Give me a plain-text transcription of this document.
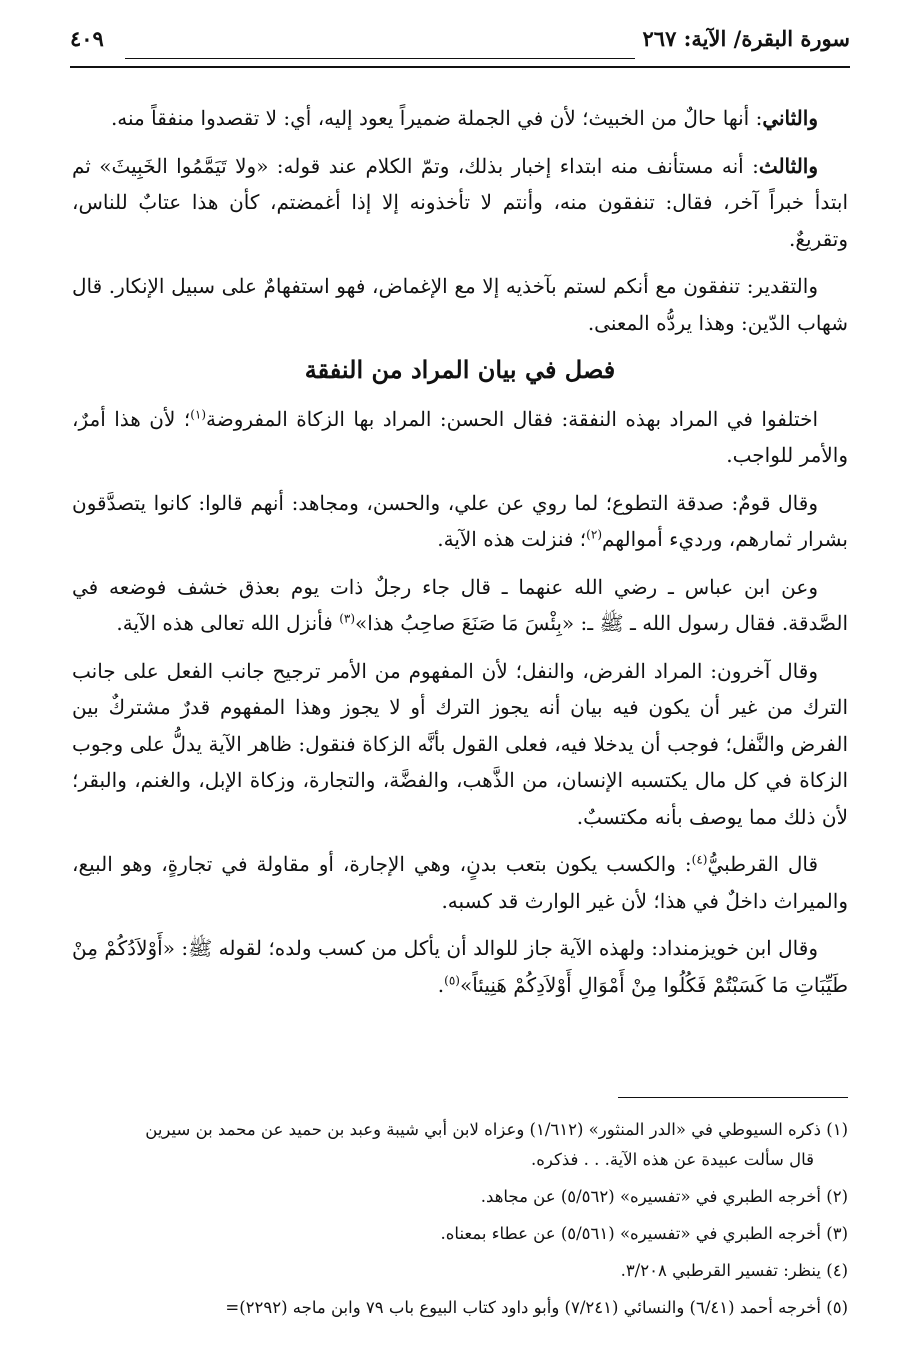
سورة البقرة/ الآية: ٢٦٧
٤٠٩

والثاني: أنها حالٌ من الخبيث؛ لأن في الجملة ضميراً يعود إليه، أي: لا تقصدوا منفقاً منه.

والثالث: أنه مستأنف منه ابتداء إخبار بذلك، وتمّ الكلام عند قوله: «ولا تَيَمَّمُوا الخَبِيثَ» ثم ابتدأ خبراً آخر، فقال: تنفقون منه، وأنتم لا تأخذونه إلا إذا أغمضتم، كأن هذا عتابٌ للناس، وتقريعٌ.

والتقدير: تنفقون مع أنكم لستم بآخذيه إلا مع الإغماض، فهو استفهامٌ على سبيل الإنكار. قال شهاب الدّين: وهذا يردُّه المعنى.

فصل في بيان المراد من النفقة

اختلفوا في المراد بهذه النفقة: فقال الحسن: المراد بها الزكاة المفروضة$^{(١)}$؛ لأن هذا أمرٌ، والأمر للواجب.

وقال قومٌ: صدقة التطوع؛ لما روي عن علي، والحسن، ومجاهد: أنهم قالوا: كانوا يتصدَّقون بشرار ثمارهم، ورديء أموالهم$^{(٢)}$؛ فنزلت هذه الآية.

وعن ابن عباس ـ رضي الله عنهما ـ قال جاء رجلٌ ذات يوم بعذق خشف فوضعه في الصَّدقة. فقال رسول الله ـ ﷺ ـ: «بِئْسَ مَا صَنَعَ صاحِبُ هذا»$^{(٣)}$ فأنزل الله تعالى هذه الآية.

وقال آخرون: المراد الفرض، والنفل؛ لأن المفهوم من الأمر ترجيح جانب الفعل على جانب الترك من غير أن يكون فيه بيان أنه يجوز الترك أو لا يجوز وهذا المفهوم قدرٌ مشتركٌ بين الفرض والنَّفل؛ فوجب أن يدخلا فيه، فعلى القول بأنَّه الزكاة فنقول: ظاهر الآية يدلُّ على وجوب الزكاة في كل مال يكتسبه الإنسان، من الذَّهب، والفضَّة، والتجارة، وزكاة الإبل، والغنم، والبقر؛ لأن ذلك مما يوصف بأنه مكتسبٌ.

قال القرطبيُّ$^{(٤)}$: والكسب يكون بتعب بدنٍ، وهي الإجارة، أو مقاولة في تجارةٍ، وهو البيع، والميراث داخلٌ في هذا؛ لأن غير الوارث قد كسبه.

وقال ابن خويزمنداد: ولهذه الآية جاز للوالد أن يأكل من كسب ولده؛ لقوله ﷺ: «أَوْلاَدُكُمْ مِنْ طَيِّبَاتِ مَا كَسَبْتُمْ فَكُلُوا مِنْ أَمْوَالِ أَوْلاَدِكُمْ هَنِيئاً»$^{(٥)}$.

(١) ذكره السيوطي في «الدر المنثور» (١/٦١٢) وعزاه لابن أبي شيبة وعبد بن حميد عن محمد بن سيرين
قال سألت عبيدة عن هذه الآية. . . فذكره.
(٢) أخرجه الطبري في «تفسيره» (٥/٥٦٢) عن مجاهد.
(٣) أخرجه الطبري في «تفسيره» (٥/٥٦١) عن عطاء بمعناه.
(٤) ينظر: تفسير القرطبي ٣/٢٠٨.
(٥) أخرجه أحمد (٦/٤١) والنسائي (٧/٢٤١) وأبو داود كتاب البيوع باب ٧٩ وابن ماجه (٢٢٩٢)=
